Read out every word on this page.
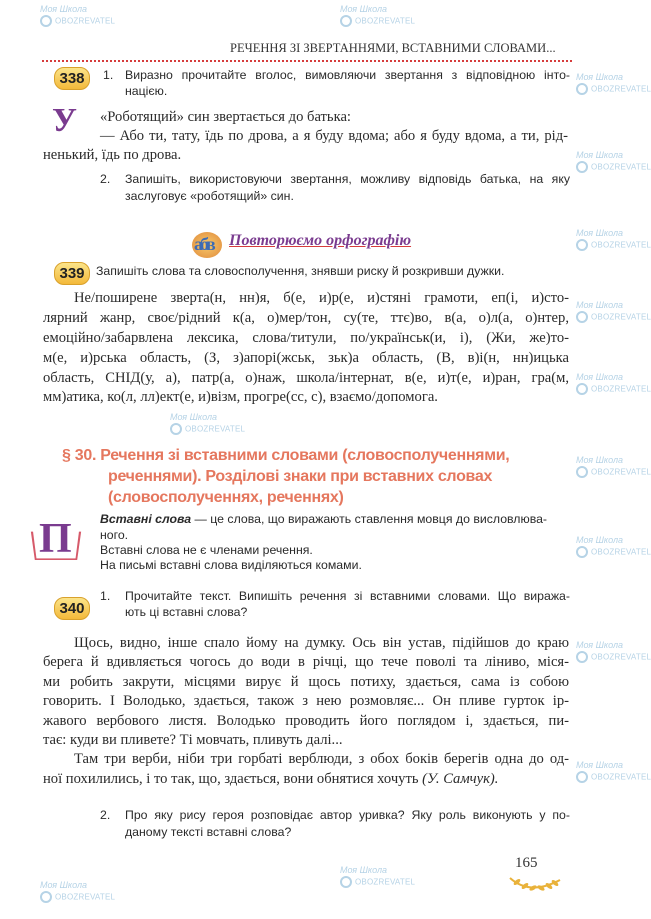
Моя Школа
OBOZREVATEL
Моя Школа
OBOZREVATEL
Моя Школа
OBOZREVATEL
Моя Школа
OBOZREVATEL
Моя Школа
OBOZREVATEL
Моя Школа
OBOZREVATEL
Моя Школа
OBOZREVATEL
Моя Школа
OBOZREVATEL
Моя Школа
OBOZREVATEL
Моя Школа
OBOZREVATEL
Моя Школа
OBOZREVATEL
Моя Школа
OBOZREVATEL
Моя Школа
OBOZREVATEL
Моя Школа
OBOZREVATEL
РЕЧЕННЯ ЗІ ЗВЕРТАННЯМИ, ВСТАВНИМИ СЛОВАМИ...
338	1. Виразно прочитайте вголос, вимовляючи звертання з відповідною інто-
нацією.
У «Роботящий» син звертається до батька:
— Або ти, тату, їдь по дрова, а я буду вдома; або я буду вдома, а ти, рід-
ненький, їдь по дрова.
2. Запишіть, використовуючи звертання, можливу відповідь батька, на яку
заслуговує «роботящий» син.
абв Повторюємо орфографію
339 Запишіть слова та словосполучення, знявши риску й розкривши дужки.
Не/поширене зверта(н, нн)я, б(е, и)р(е, и)стяні грамоти, еп(і, и)сто-
лярний жанр, своє/рідний к(а, о)мер/тон, су(те, ттє)во, в(а, о)л(а, о)нтер,
емоційно/забарвлена лексика, слова/титули, по/українськ(и, і), (Жи, же)то-
м(е, и)рська область, (З, з)апорі(жськ, зьк)а область, (В, в)і(н, нн)ицька
область, СНІД(у, а), патр(а, о)наж, школа/інтернат, в(е, и)т(е, и)ран, гра(м,
мм)атика, ко(л, лл)ект(е, и)візм, прогре(сс, с), взаємо/допомога.
§ 30. Речення зі вставними словами (словосполученнями,
реченнями). Розділові знаки при вставних словах
(словосполученнях, реченнях)
П Вставні слова — це слова, що виражають ставлення мовця до висловлюва-
ного.
Вставні слова не є членами речення.
На письмі вставні слова виділяються комами.
340
1. Прочитайте текст. Випишіть речення зі вставними словами. Що виража-
ють ці вставні слова?
Щось, видно, інше спало йому на думку. Ось він устав, підійшов до краю
берега й вдивляється чогось до води в річці, що тече поволі та ліниво, міся-
ми робить закрути, місцями вирує й щось потиху, здається, сама із собою
говорить. І Володько, здається, також з нею розмовляє... Он пливе гурток ір-
жавого вербового листя. Володько проводить його поглядом і, здається, пи-
тає: куди ви пливете? Ті мовчать, пливуть далі...
Там три верби, ніби три горбаті верблюди, з обох боків берегів одна до од-
ної похилились, і то так, що, здається, вони обнятися хочуть (У. Самчук).
2. Про яку рису героя розповідає автор уривка? Яку роль виконують у по-
даному тексті вставні слова?
165
